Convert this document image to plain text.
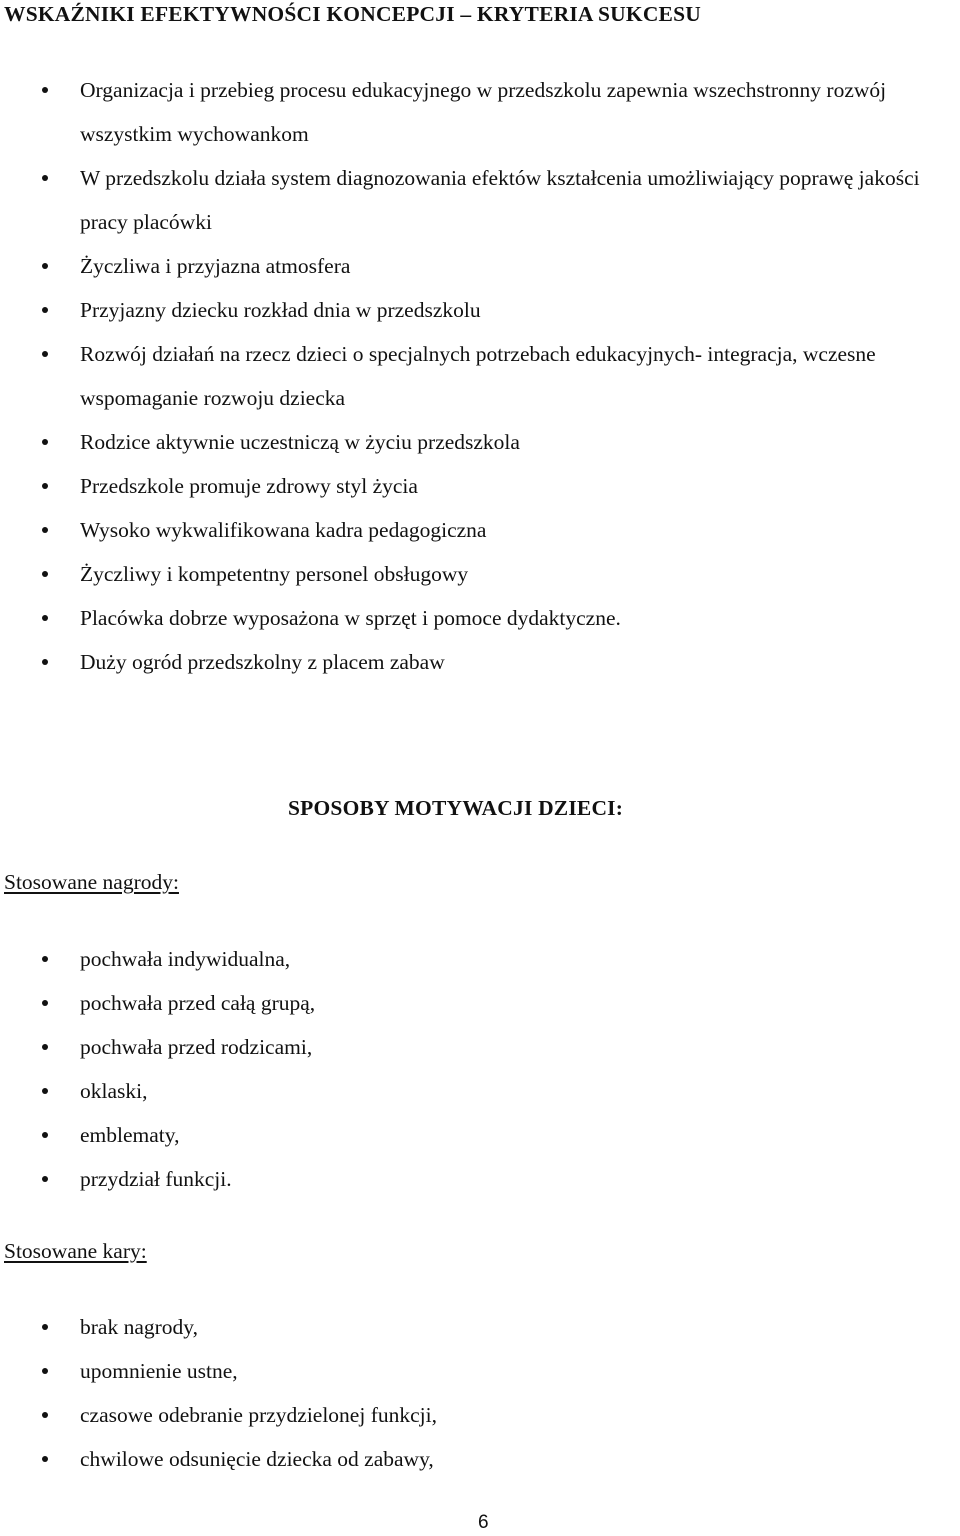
WSKAŹNIKI EFEKTYWNOŚCI KONCEPCJI – KRYTERIA SUKCESU
Organizacja i przebieg procesu edukacyjnego w przedszkolu zapewnia wszechstronny rozwój wszystkim wychowankom
W przedszkolu działa system diagnozowania efektów kształcenia umożliwiający poprawę jakości pracy placówki
Życzliwa i przyjazna atmosfera
Przyjazny dziecku rozkład dnia w przedszkolu
Rozwój działań na rzecz dzieci o specjalnych potrzebach edukacyjnych- integracja, wczesne wspomaganie rozwoju dziecka
Rodzice aktywnie uczestniczą w życiu przedszkola
Przedszkole promuje zdrowy styl życia
Wysoko wykwalifikowana kadra pedagogiczna
Życzliwy i kompetentny personel obsługowy
Placówka dobrze wyposażona w sprzęt i pomoce dydaktyczne.
Duży ogród przedszkolny z placem zabaw
SPOSOBY MOTYWACJI DZIECI:

Stosowane nagrody:

pochwała indywidualna,
pochwała przed całą grupą,
pochwała przed rodzicami,
oklaski,
emblematy,
przydział funkcji.

Stosowane kary:

brak nagrody,
upomnienie ustne,
czasowe odebranie przydzielonej funkcji,
chwilowe odsunięcie dziecka od zabawy,
6
